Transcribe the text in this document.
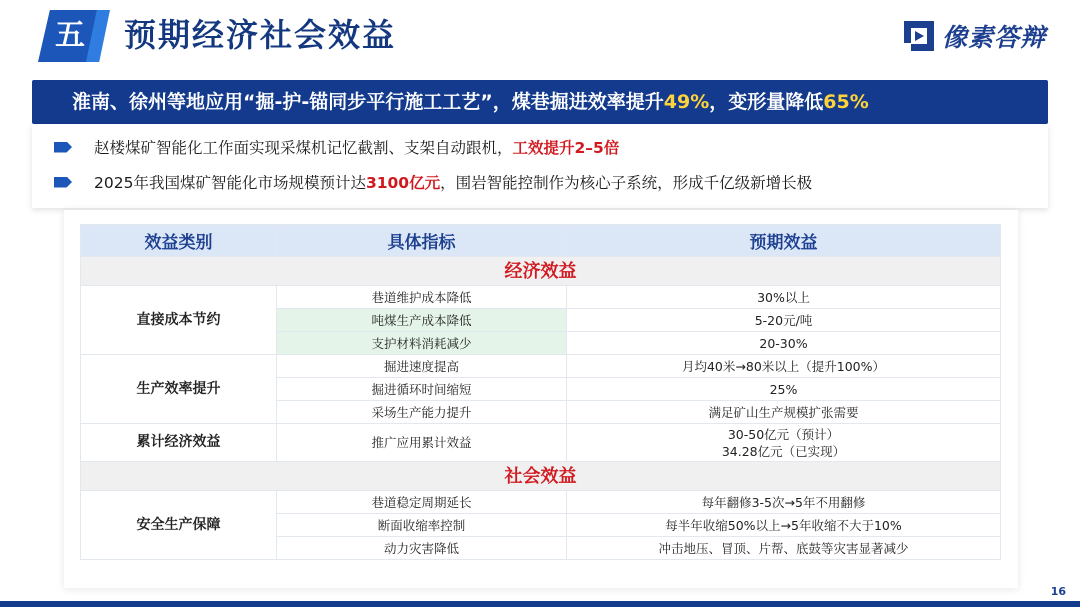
五 预期经济社会效益	像素答辩
淮南、徐州等地应用“掘-护-锚同步平行施工工艺”，煤巷掘进效率提升49%，变形量降低65%
赵楼煤矿智能化工作面实现采煤机记忆截割、支架自动跟机，工效提升2–5倍
2025年我国煤矿智能化市场规模预计达3100亿元，围岩智能控制作为核心子系统，形成千亿级新增长极
效益类别	具体指标	预期效益
经济效益		
直接成本节约	巷道维护成本降低	30%以上
	吨煤生产成本降低	5-20元/吨
	支护材料消耗减少	20-30%
生产效率提升	掘进速度提高	月均40米→80米以上（提升100%）
	掘进循环时间缩短	25%
	采场生产能力提升	满足矿山生产规模扩张需要
累计经济效益	推广应用累计效益	30-50亿元（预计）
34.28亿元（已实现）

社会效益		
安全生产保障	巷道稳定周期延长	每年翻修3-5次→5年不用翻修
	断面收缩率控制	每半年收缩50%以上→5年收缩不大于10%
	动力灾害降低	冲击地压、冒顶、片帮、底鼓等灾害显著减少
16
